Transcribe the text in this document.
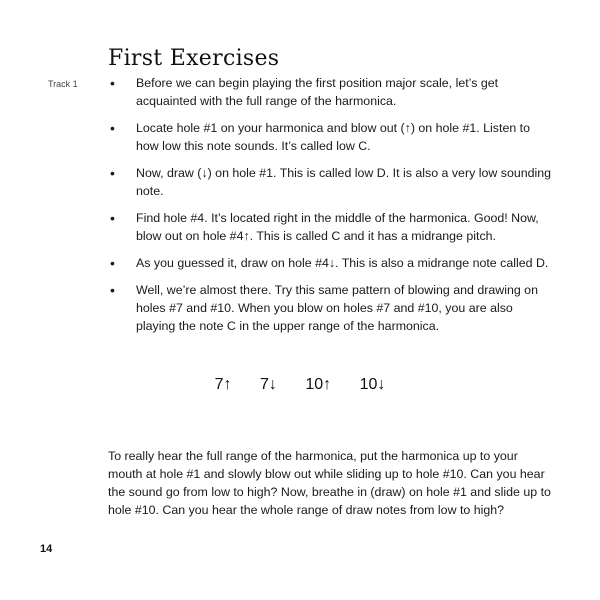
First Exercises
Track 1
•	Before we can begin playing the first position major scale, let’s get acquainted with the full range of the harmonica.
• Locate hole #1 on your harmonica and blow out (↑) on hole #1. Listen to how low this note sounds. It’s called low C.
• Now, draw (↓) on hole #1. This is called low D. It is also a very low sounding note.
• Find hole #4. It’s located right in the middle of the harmonica. Good! Now, blow out on hole #4↑. This is called C and it has a midrange pitch.
• As you guessed it, draw on hole #4↓. This is also a midrange note called D.
• Well, we’re almost there. Try this same pattern of blowing and drawing on holes #7 and #10. When you blow on holes #7 and #10, you are also playing the note C in the upper range of the harmonica.
7↑ 7↓ 10↑ 10↓

To really hear the full range of the harmonica, put the harmonica up to your mouth at hole #1 and slowly blow out while sliding up to hole #10. Can you hear the sound go from low to high? Now, breathe in (draw) on hole #1 and slide up to hole #10. Can you hear the whole range of draw notes from low to high?

14
